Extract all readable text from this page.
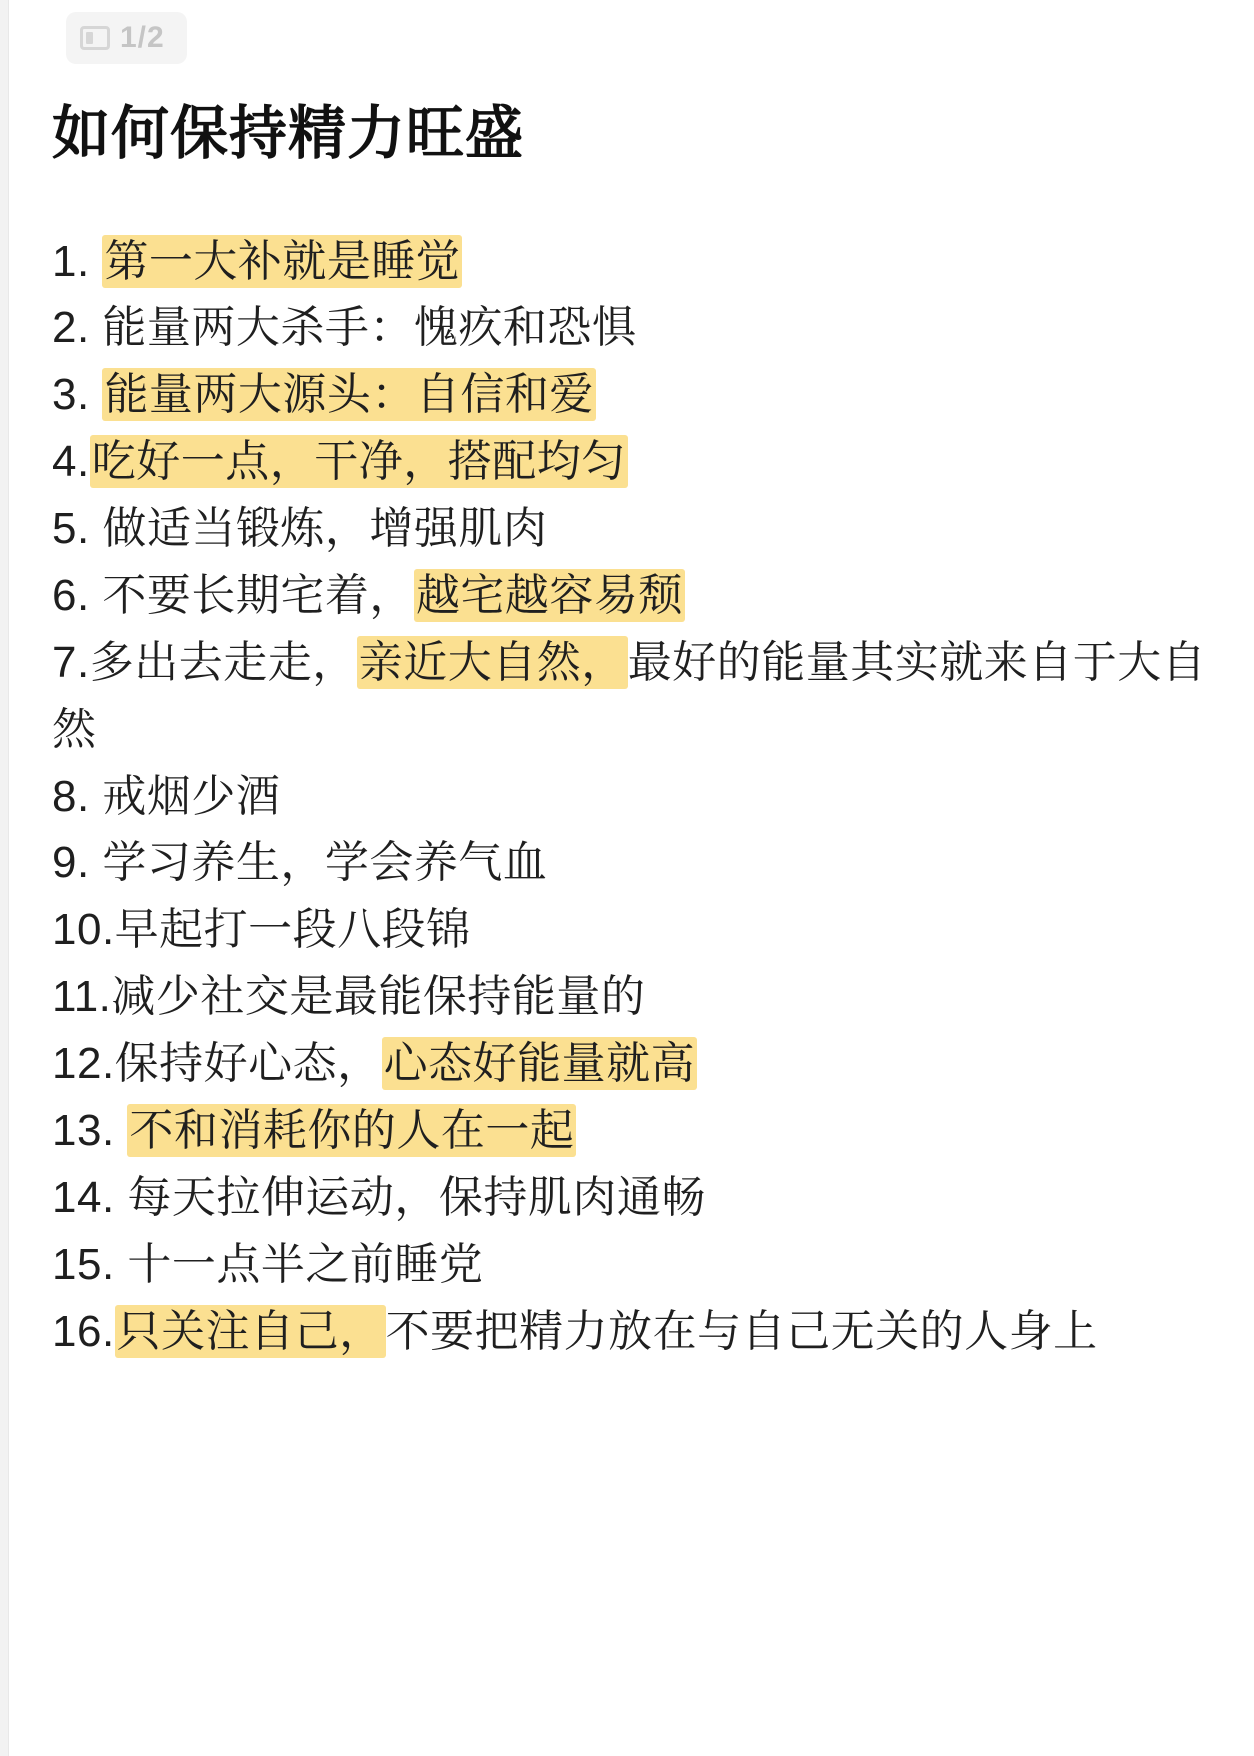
1/2
如何保持精力旺盛
1. 第一大补就是睡觉
2. 能量两大杀手：愧疚和恐惧
3. 能量两大源头：自信和爱
4.吃好一点，干净，搭配均匀
5. 做适当锻炼，增强肌肉
6. 不要长期宅着，越宅越容易颓
7.多出去走走，亲近大自然，最好的能量其实就来自于大自然
8. 戒烟少酒
9. 学习养生，学会养气血
10.早起打一段八段锦
11.减少社交是最能保持能量的
12.保持好心态，心态好能量就高
13. 不和消耗你的人在一起
14. 每天拉伸运动，保持肌肉通畅
15. 十一点半之前睡党
16.只关注自己，不要把精力放在与自己无关的人身上
